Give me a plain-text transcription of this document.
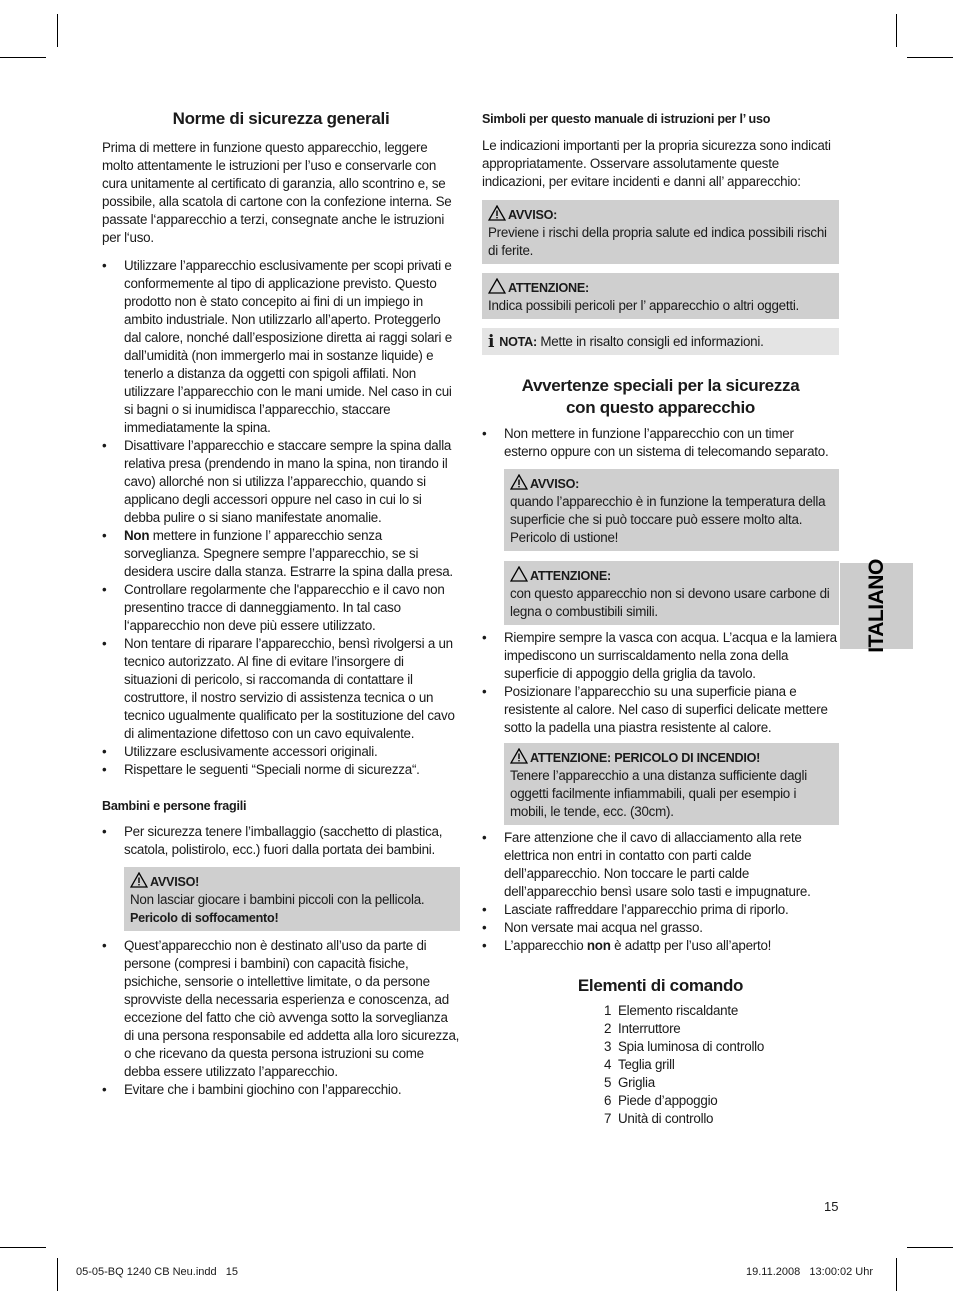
Norme di sicurezza generali

Prima di mettere in funzione questo apparecchio, leggere molto attentamente le istruzioni per l’uso e conservarle con cura unitamente al certificato di garanzia, allo scontrino e, se possibile, alla scatola di cartone con la confezione interna. Se passate l‘apparecchio a terzi, consegnate anche le istruzioni per l‘uso.

• Utilizzare l’apparecchio esclusivamente per scopi privati e conformemente al tipo di applicazione previsto. Questo prodotto non è stato concepito ai fini di un impiego in ambito industriale. Non utilizzarlo all’aperto. Proteggerlo dal calore, nonché dall’esposizione diretta ai raggi solari e dall’umidità (non immergerlo mai in sostanze liquide) e tenerlo a distanza da oggetti con spigoli affilati. Non utilizzare l’apparecchio con le mani umide. Nel caso in cui si bagni o si inumidisca l’apparecchio, staccare immediatamente la spina.
• Disattivare l’apparecchio e staccare sempre la spina dalla relativa presa (prendendo in mano la spina, non tirando il cavo) allorché non si utilizza l’apparecchio, quando si applicano degli accessori oppure nel caso in cui lo si debba pulire o si siano manifestate anomalie.
• Non mettere in funzione l’ apparecchio senza sorveglianza. Spegnere sempre l’apparecchio, se si desidera uscire dalla stanza. Estrarre la spina dalla presa.
• Controllare regolarmente che l'apparecchio e il cavo non presentino tracce di danneggiamento. In tal caso l‘apparecchio non deve più essere utilizzato.
• Non tentare di riparare l’apparecchio, bensì rivolgersi a un tecnico autorizzato. Al fine di evitare l’insorgere di situazioni di pericolo, si raccomanda di contattare il costruttore, il nostro servizio di assistenza tecnica o un tecnico ugualmente qualificato per la sostituzione del cavo di alimentazione difettoso con un cavo equivalente.
• Utilizzare esclusivamente accessori originali.
• Rispettare le seguenti “Speciali norme di sicurezza“.
Bambini e persone fragili
• Per sicurezza tenere l’imballaggio (sacchetto di plastica, scatola, polistirolo, ecc.) fuori dalla portata dei bambini.
AVVISO!
Non lasciar giocare i bambini piccoli con la pellicola.
Pericolo di soffocamento!
• Quest’apparecchio non è destinato all’uso da parte di persone (compresi i bambini) con capacità fisiche, psichiche, sensorie o intellettive limitate, o da persone sprovviste della necessaria esperienza e conoscenza, ad eccezione del fatto che ciò avvenga sotto la sorveglianza di una persona responsabile ed addetta alla loro sicurezza, o che ricevano da questa persona istruzioni su come debba essere utilizzato l’apparecchio.
• Evitare che i bambini giochino con l’apparecchio.
Simboli per questo manuale di istruzioni per l’ uso

Le indicazioni importanti per la propria sicurezza sono indicati appropriatamente. Osservare assolutamente queste indicazioni, per evitare incidenti e danni all’ apparecchio:

AVVISO:
Previene i rischi della propria salute ed indica possibili rischi di ferite.
ATTENZIONE:
Indica possibili pericoli per l’ apparecchio o altri oggetti.
i NOTA: Mette in risalto consigli ed informazioni.
Avvertenze speciali per la sicurezza
con questo apparecchio
• Non mettere in funzione l’apparecchio con un timer esterno oppure con un sistema di telecomando separato.
AVVISO:
quando l’apparecchio è in funzione la temperatura della superficie che si può toccare può essere molto alta. Pericolo di ustione!
ATTENZIONE:
con questo apparecchio non si devono usare carbone di legna o combustibili simili.
• Riempire sempre la vasca con acqua. L’acqua e la lamiera impediscono un surriscaldamento nella zona della superficie di appoggio della griglia da tavolo.
• Posizionare l’apparecchio su una superficie piana e resistente al calore. Nel caso di superfici delicate mettere sotto la padella una piastra resistente al calore.
ATTENZIONE: PERICOLO DI INCENDIO!
Tenere l’apparecchio a una distanza sufficiente dagli oggetti facilmente infiammabili, quali per esempio i mobili, le tende, ecc. (30cm).
• Fare attenzione che il cavo di allacciamento alla rete elettrica non entri in contatto con parti calde dell’apparecchio. Non toccare le parti calde dell’apparecchio bensì usare solo tasti e impugnature.
• Lasciate raffreddare l’apparecchio prima di riporlo.
• Non versate mai acqua nel grasso.
• L’apparecchio non è adattp per l’uso all’aperto!
Elementi di comando
1 Elemento riscaldante
2 Interruttore
3 Spia luminosa di controllo
4 Teglia grill
5 Griglia
6 Piede d’appoggio
7 Unità di controllo
ITALIANO
15
05-05-BQ 1240 CB Neu.indd   15	19.11.2008   13:00:02 Uhr
